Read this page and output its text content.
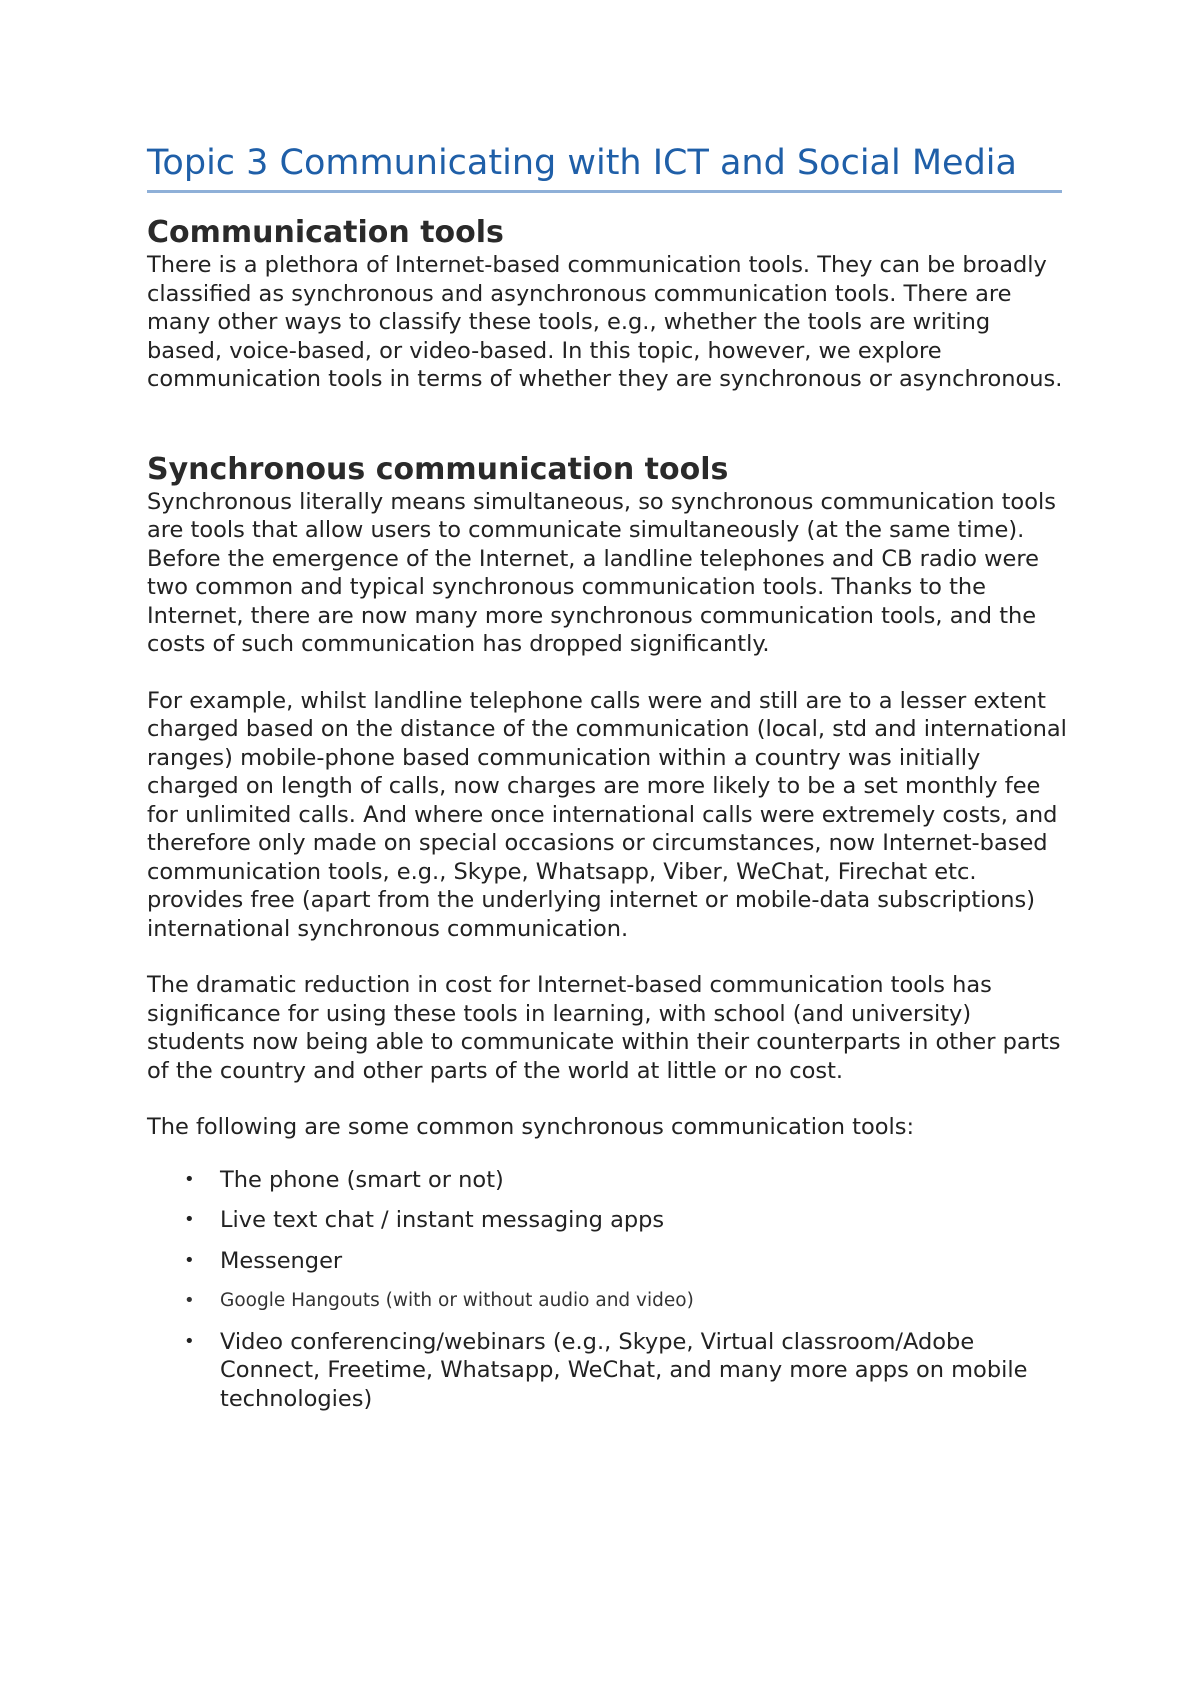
Topic 3 Communicating with ICT and Social Media
Communication tools

There is a plethora of Internet-based communication tools. They can be broadly classified as synchronous and asynchronous communication tools. There are many other ways to classify these tools, e.g., whether the tools are writing based, voice-based, or video-based. In this topic, however, we explore communication tools in terms of whether they are synchronous or asynchronous.

Synchronous communication tools

Synchronous literally means simultaneous, so synchronous communication tools are tools that allow users to communicate simultaneously (at the same time). Before the emergence of the Internet, a landline telephones and CB radio were two common and typical synchronous communication tools. Thanks to the Internet, there are now many more synchronous communication tools, and the costs of such communication has dropped significantly.

For example, whilst landline telephone calls were and still are to a lesser extent charged based on the distance of the communication (local, std and international ranges) mobile-phone based communication within a country was initially charged on length of calls, now charges are more likely to be a set monthly fee for unlimited calls. And where once international calls were extremely costs, and therefore only made on special occasions or circumstances, now Internet-based communication tools, e.g., Skype, Whatsapp, Viber, WeChat, Firechat etc. provides free (apart from the underlying internet or mobile-data subscriptions) international synchronous communication.

The dramatic reduction in cost for Internet-based communication tools has significance for using these tools in learning, with school (and university) students now being able to communicate within their counterparts in other parts of the country and other parts of the world at little or no cost.

The following are some common synchronous communication tools:

• The phone (smart or not)
• Live text chat / instant messaging apps
• Messenger
• Google Hangouts (with or without audio and video)
• Video conferencing/webinars (e.g., Skype, Virtual classroom/Adobe Connect, Freetime, Whatsapp, WeChat, and many more apps on mobile technologies)
